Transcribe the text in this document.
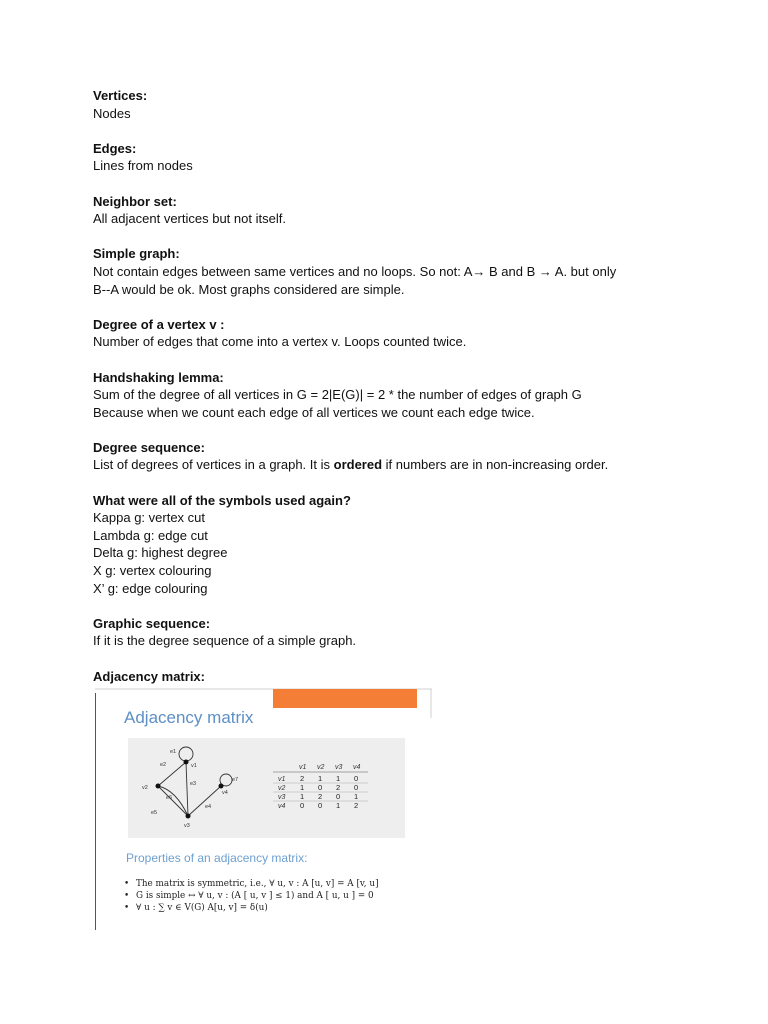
Vertices:
Nodes
Edges:
Lines from nodes
Neighbor set:
All adjacent vertices but not itself.
Simple graph:
Not contain edges between same vertices and no loops. So not: A→ B and B → A. but only
B--A would be ok. Most graphs considered are simple.
Degree of a vertex v :
Number of edges that come into a vertex v. Loops counted twice.
Handshaking lemma:
Sum of the degree of all vertices in G = 2|E(G)| = 2 * the number of edges of graph G
Because when we count each edge of all vertices we count each edge twice.
Degree sequence:
List of degrees of vertices in a graph. It is ordered if numbers are in non-increasing order.
What were all of the symbols used again?
Kappa g: vertex cut
Lambda g: edge cut
Delta g: highest degree
X g: vertex colouring
X’ g: edge colouring
Graphic sequence:
If it is the degree sequence of a simple graph.
Adjacency matrix:
Adjacency matrix
v1
v2
v3
v4
e1
e2
e3
e4
e5
e6
e7
v1 v2 v3 v4
v1
v2
v3
v4
2 1 1 0
1 0 2 0
1 2 0 1
0 0 1 2
Properties of an adjacency matrix:
• The matrix is symmetric, i.e., ∀ u, v : A [u, v] = A [v, u]
• G is simple ↔ ∀ u, v : (A [ u, v ] ≤ 1) and A [ u, u ] = 0
• ∀ u : ∑ v ∈ V(G) A[u, v] = δ(u)
